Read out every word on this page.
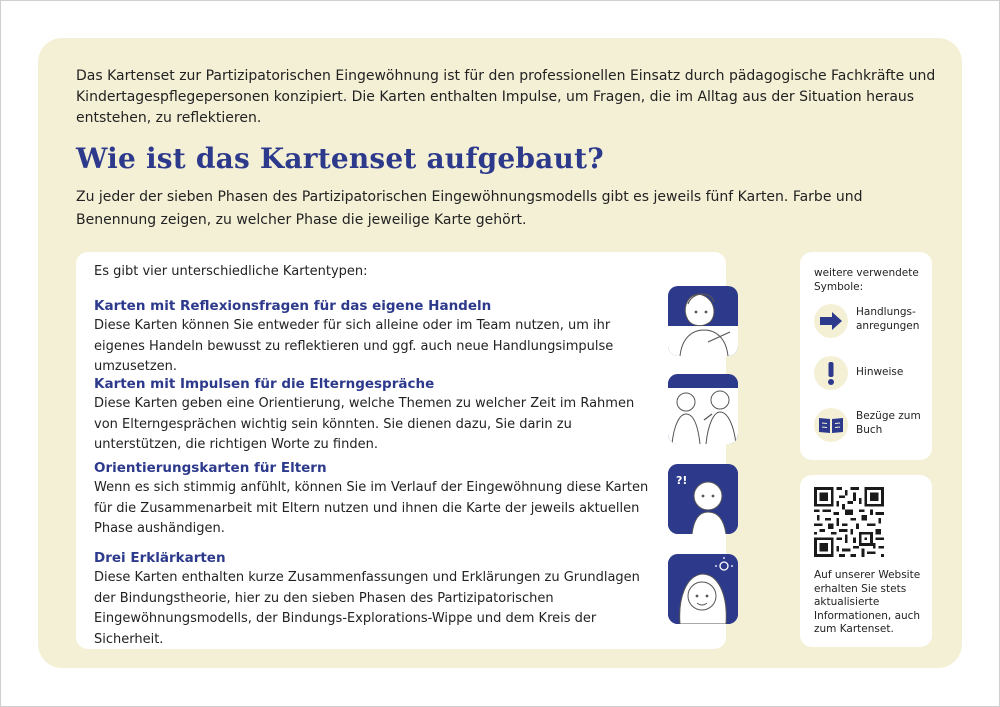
Das Kartenset zur Partizipatorischen Eingewöhnung ist für den professionellen Einsatz durch pädagogische Fachkräfte und Kindertagespflegepersonen konzipiert. Die Karten enthalten Impulse, um Fragen, die im Alltag aus der Situation heraus entstehen, zu reflektieren.

Wie ist das Kartenset aufgebaut?

Zu jeder der sieben Phasen des Partizipatorischen Eingewöhnungsmodells gibt es jeweils fünf Karten. Farbe und Benennung zeigen, zu welcher Phase die jeweilige Karte gehört.

Es gibt vier unterschiedliche Kartentypen:
Karten mit Reflexionsfragen für das eigene Handeln
Diese Karten können Sie entweder für sich alleine oder im Team nutzen, um ihr eigenes Handeln bewusst zu reflektieren und ggf. auch neue Handlungsimpulse umzusetzen.
Karten mit Impulsen für die Elterngespräche
Diese Karten geben eine Orientierung, welche Themen zu welcher Zeit im Rahmen von Elterngesprächen wichtig sein könnten. Sie dienen dazu, Sie darin zu unterstützen, die richtigen Worte zu finden.
Orientierungskarten für Eltern
Wenn es sich stimmig anfühlt, können Sie im Verlauf der Eingewöhnung diese Karten für die Zusammenarbeit mit Eltern nutzen und ihnen die Karte der jeweils aktuellen Phase aushändigen.
?!
Drei Erklärkarten
Diese Karten enthalten kurze Zusammenfassungen und Erklärungen zu Grundlagen der Bindungstheorie, hier zu den sieben Phasen des Partizipatorischen Eingewöhnungsmodells, der Bindungs-Explorations-Wippe und dem Kreis der Sicherheit.
weitere verwendete Symbole:
Handlungs-anregungen
Hinweise
Bezüge zum Buch
Auf unserer Website erhalten Sie stets aktualisierte Informationen, auch zum Kartenset.
